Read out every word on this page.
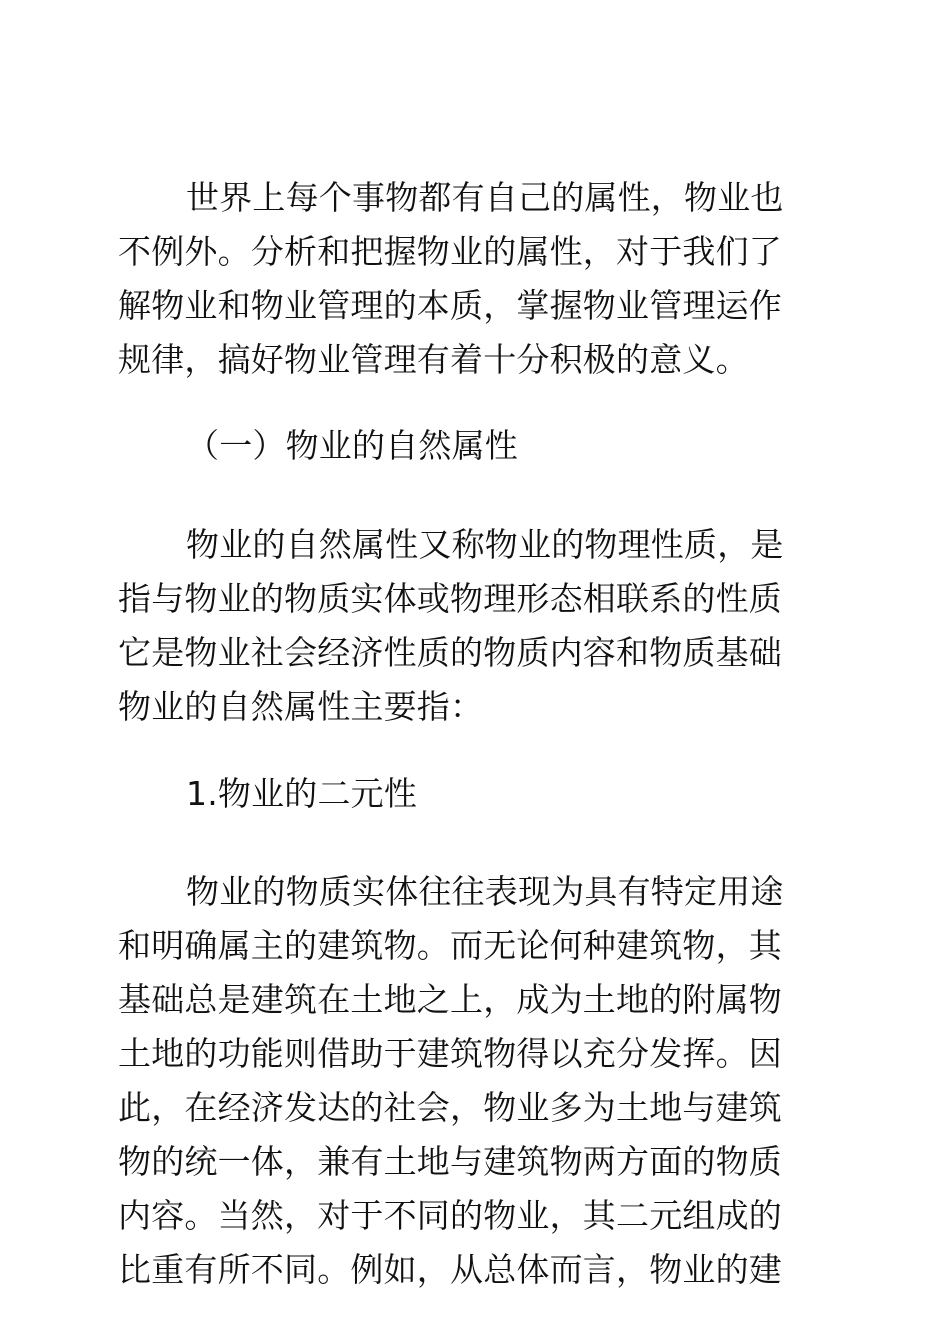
世界上每个事物都有自己的属性，物业也
不例外。分析和把握物业的属性，对于我们了
解物业和物业管理的本质，掌握物业管理运作
规律，搞好物业管理有着十分积极的意义。
（一）物业的自然属性
物业的自然属性又称物业的物理性质，是
指与物业的物质实体或物理形态相联系的性质
它是物业社会经济性质的物质内容和物质基础
物业的自然属性主要指：
1.物业的二元性
物业的物质实体往往表现为具有特定用途
和明确属主的建筑物。而无论何种建筑物，其
基础总是建筑在土地之上，成为土地的附属物
土地的功能则借助于建筑物得以充分发挥。因
此，在经济发达的社会，物业多为土地与建筑
物的统一体，兼有土地与建筑物两方面的物质
内容。当然，对于不同的物业，其二元组成的
比重有所不同。例如，从总体而言，物业的建
